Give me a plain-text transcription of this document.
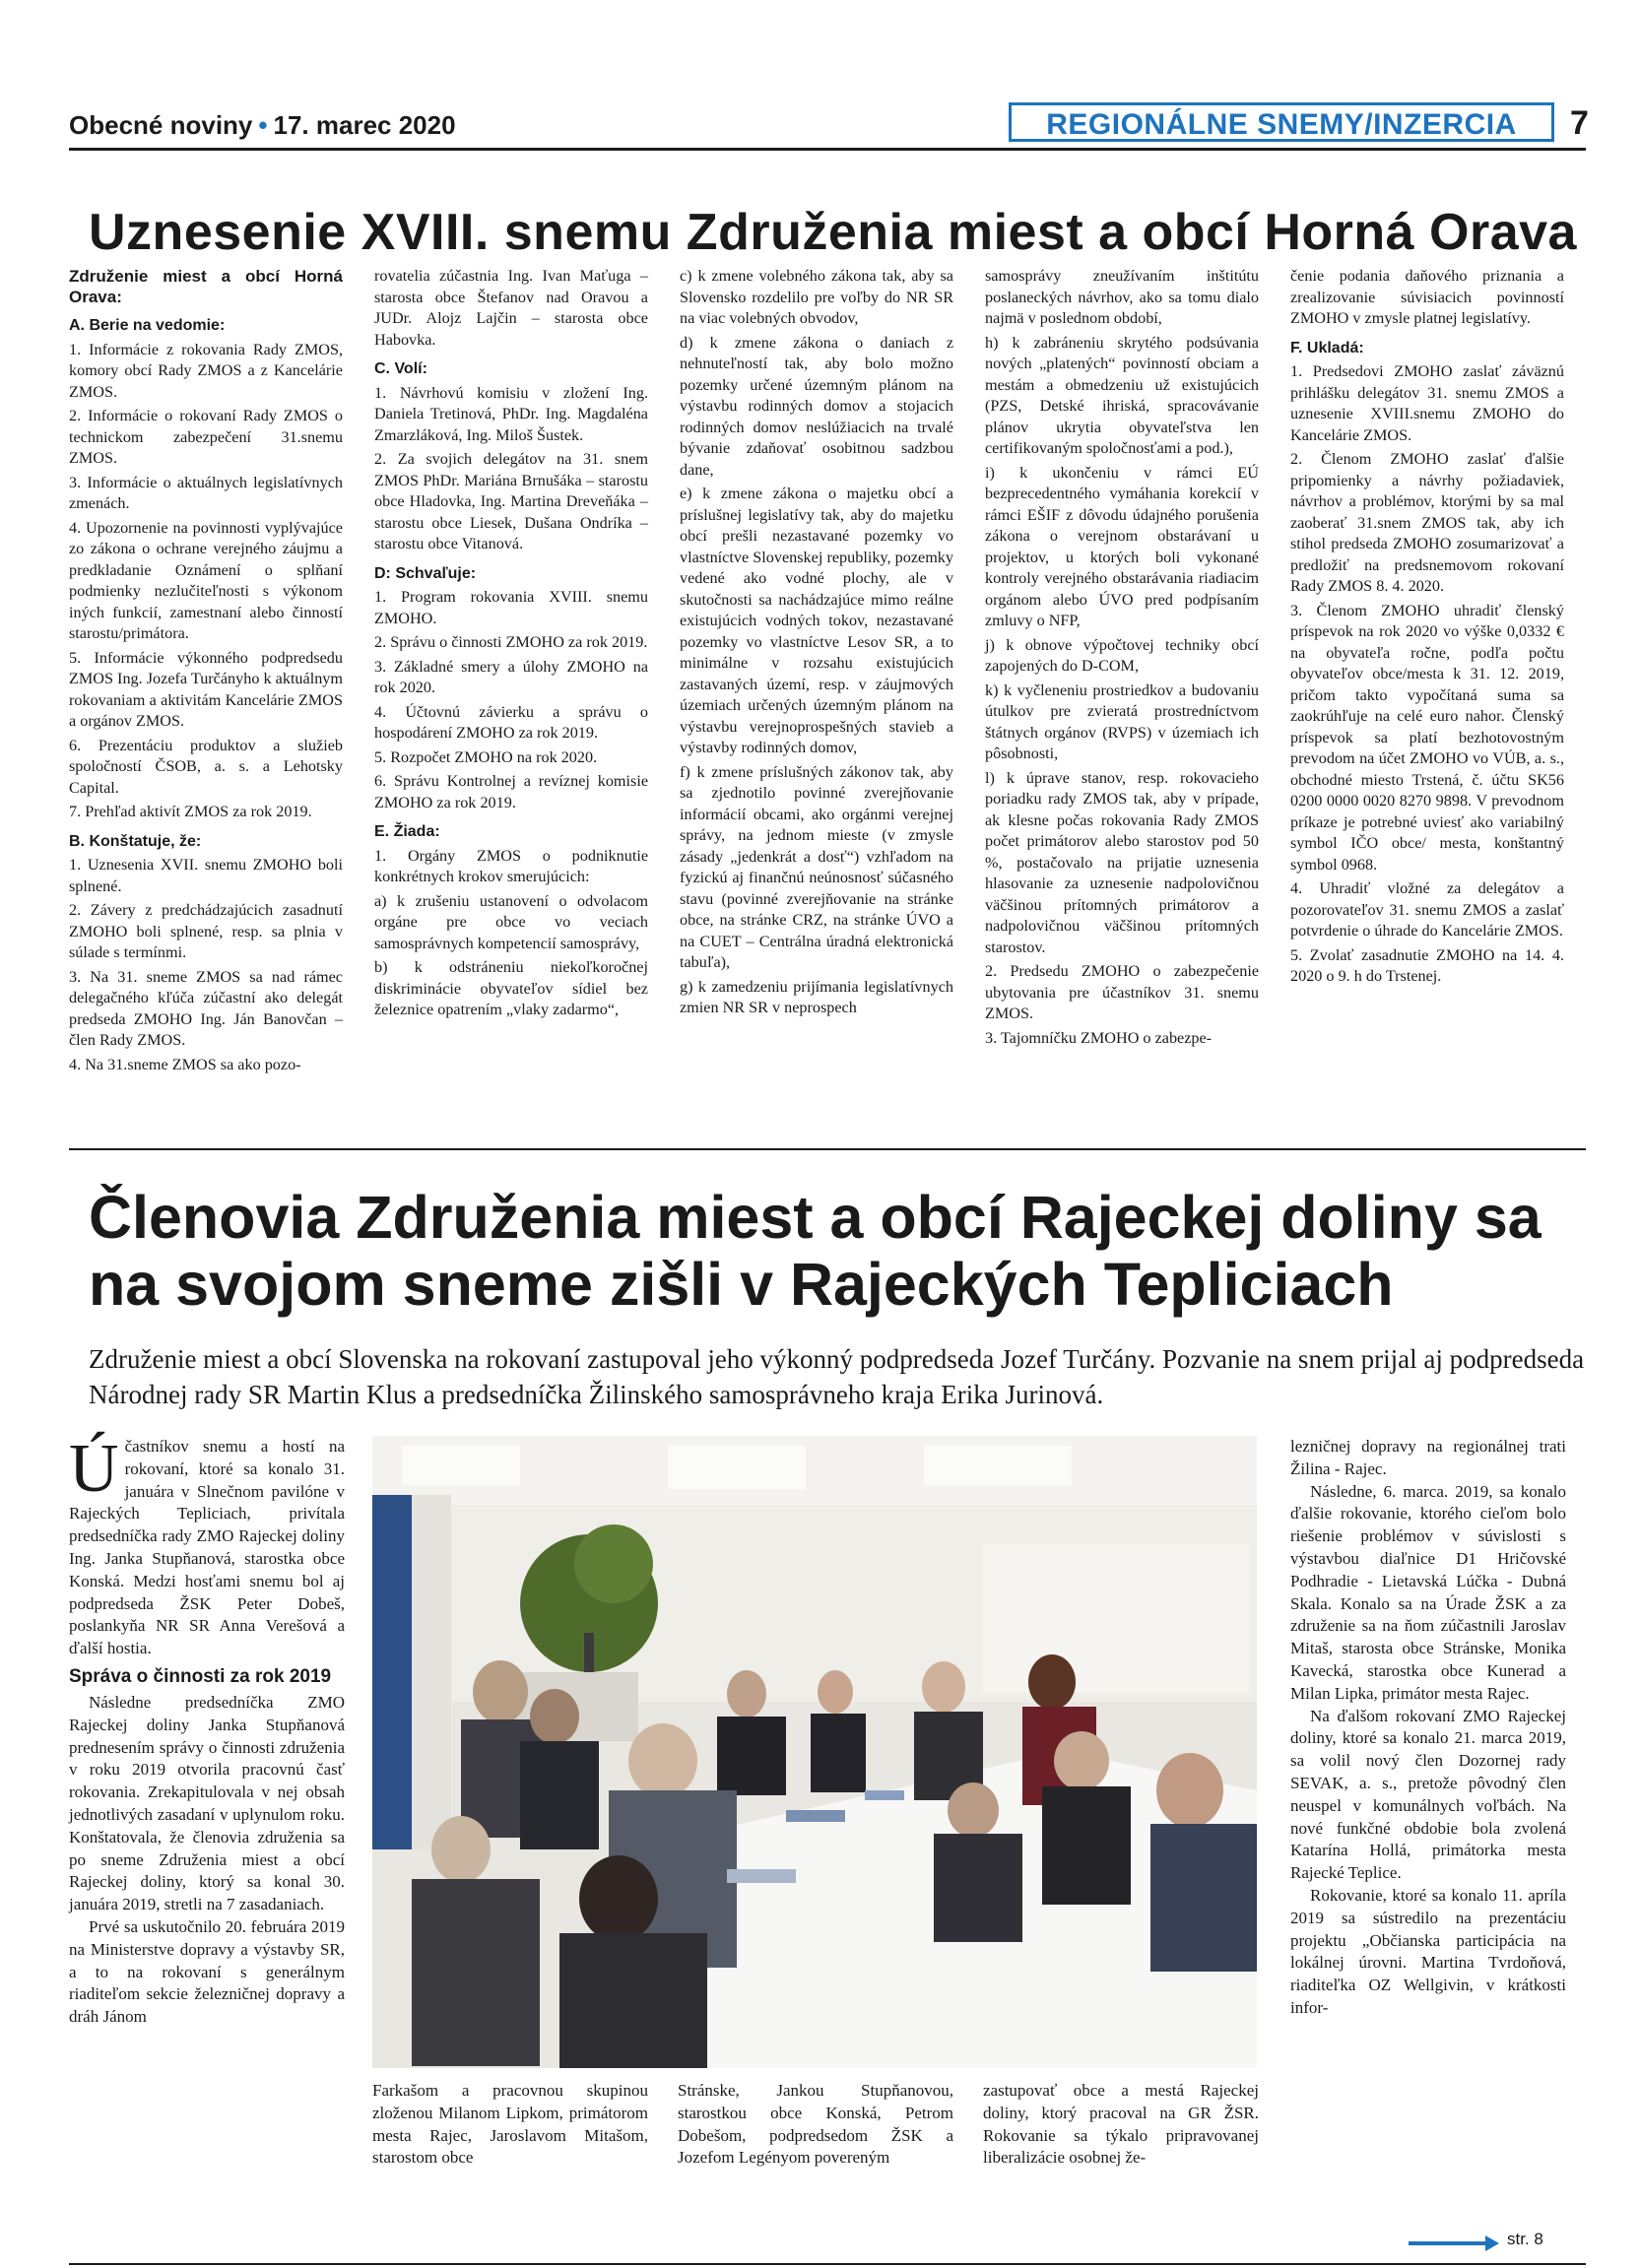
Obecné noviny • 17. marec 2020	REGIONÁLNE SNEMY/INZERCIA	7
Uznesenie XVIII. snemu Združenia miest a obcí Horná Orava

Združenie miest a obcí Horná Orava:

A. Berie na vedomie:

1. Informácie z rokovania Rady ZMOS, komory obcí Rady ZMOS a z Kancelárie ZMOS.

2. Informácie o rokovaní Rady ZMOS o technickom zabezpečení 31.snemu ZMOS.

3. Informácie o aktuálnych legislatívnych zmenách.

4. Upozornenie na povinnosti vyplývajúce zo zákona o ochrane verejného záujmu a predkladanie Oznámení o splňaní podmienky nezlučiteľnosti s výkonom iných funkcií, zamestnaní alebo činností starostu/primátora.

5. Informácie výkonného podpredsedu ZMOS Ing. Jozefa Turčányho k aktuálnym rokovaniam a aktivitám Kancelárie ZMOS a orgánov ZMOS.

6. Prezentáciu produktov a služieb spoločností ČSOB, a. s. a Lehotsky Capital.

7. Prehľad aktivít ZMOS za rok 2019.

B. Konštatuje, že:

1. Uznesenia XVII. snemu ZMOHO boli splnené.

2. Závery z predchádzajúcich zasadnutí ZMOHO boli splnené, resp. sa plnia v súlade s termínmi.

3. Na 31. sneme ZMOS sa nad rámec delegačného kľúča zúčastní ako delegát predseda ZMOHO Ing. Ján Banovčan – člen Rady ZMOS.

4. Na 31.sneme ZMOS sa ako pozo-

rovatelia zúčastnia Ing. Ivan Maťuga – starosta obce Štefanov nad Oravou a JUDr. Alojz Lajčin – starosta obce Habovka.

C. Volí:

1. Návrhovú komisiu v zložení Ing. Daniela Tretinová, PhDr. Ing. Magdaléna Zmarzláková, Ing. Miloš Šustek.

2. Za svojich delegátov na 31. snem ZMOS PhDr. Mariána Brnušáka – starostu obce Hladovka, Ing. Martina Dreveňáka – starostu obce Liesek, Dušana Ondríka – starostu obce Vitanová.

D: Schvaľuje:

1. Program rokovania XVIII. snemu ZMOHO.

2. Správu o činnosti ZMOHO za rok 2019.

3. Základné smery a úlohy ZMOHO na rok 2020.

4. Účtovnú závierku a správu o hospodárení ZMOHO za rok 2019.

5. Rozpočet ZMOHO na rok 2020.

6. Správu Kontrolnej a revíznej komisie ZMOHO za rok 2019.

E. Žiada:

1. Orgány ZMOS o podniknutie konkrétnych krokov smerujúcich:

a) k zrušeniu ustanovení o odvolacom orgáne pre obce vo veciach samosprávnych kompetencií samosprávy,

b) k odstráneniu niekoľkoročnej diskriminácie obyvateľov sídiel bez železnice opatrením „vlaky zadarmo“,

c) k zmene volebného zákona tak, aby sa Slovensko rozdelilo pre voľby do NR SR na viac volebných obvodov,

d) k zmene zákona o daniach z nehnuteľností tak, aby bolo možno pozemky určené územným plánom na výstavbu rodinných domov a stojacich rodinných domov neslúžiacich na trvalé bývanie zdaňovať osobitnou sadzbou dane,

e) k zmene zákona o majetku obcí a príslušnej legislatívy tak, aby do majetku obcí prešli nezastavané pozemky vo vlastníctve Slovenskej republiky, pozemky vedené ako vodné plochy, ale v skutočnosti sa nachádzajúce mimo reálne existujúcich vodných tokov, nezastavané pozemky vo vlastníctve Lesov SR, a to minimálne v rozsahu existujúcich zastavaných území, resp. v záujmových územiach určených územným plánom na výstavbu verejnoprospešných stavieb a výstavby rodinných domov,

f) k zmene príslušných zákonov tak, aby sa zjednotilo povinné zverejňovanie informácií obcami, ako orgánmi verejnej správy, na jednom mieste (v zmysle zásady „jedenkrát a dosť“) vzhľadom na fyzickú aj finančnú neúnosnosť súčasného stavu (povinné zverejňovanie na stránke obce, na stránke CRZ, na stránke ÚVO a na CUET – Centrálna úradná elektronická tabuľa),

g) k zamedzeniu prijímania legislatívnych zmien NR SR v neprospech

samosprávy zneužívaním inštitútu poslaneckých návrhov, ako sa tomu dialo najmä v poslednom období,

h) k zabráneniu skrytého podsúvania nových „platených“ povinností obciam a mestám a obmedzeniu už existujúcich (PZS, Detské ihriská, spracovávanie plánov ukrytia obyvateľstva len certifikovaným spoločnosťami a pod.),

i) k ukončeniu v rámci EÚ bezprecedentného vymáhania korekcií v rámci EŠIF z dôvodu údajného porušenia zákona o verejnom obstarávaní u projektov, u ktorých boli vykonané kontroly verejného obstarávania riadiacim orgánom alebo ÚVO pred podpísaním zmluvy o NFP,

j) k obnove výpočtovej techniky obcí zapojených do D-COM,

k) k vyčleneniu prostriedkov a budovaniu útulkov pre zvieratá prostredníctvom štátnych orgánov (RVPS) v územiach ich pôsobnosti,

l) k úprave stanov, resp. rokovacieho poriadku rady ZMOS tak, aby v prípade, ak klesne počas rokovania Rady ZMOS počet primátorov alebo starostov pod 50 %, postačovalo na prijatie uznesenia hlasovanie za uznesenie nadpolovičnou väčšinou prítomných primátorov a nadpolovičnou väčšinou prítomných starostov.

2. Predsedu ZMOHO o zabezpečenie ubytovania pre účastníkov 31. snemu ZMOS.

3. Tajomníčku ZMOHO o zabezpe-

čenie podania daňového priznania a zrealizovanie súvisiacich povinností ZMOHO v zmysle platnej legislatívy.

F. Ukladá:

1. Predsedovi ZMOHO zaslať záväznú prihlášku delegátov 31. snemu ZMOS a uznesenie XVIII.snemu ZMOHO do Kancelárie ZMOS.

2. Členom ZMOHO zaslať ďalšie pripomienky a návrhy požiadaviek, návrhov a problémov, ktorými by sa mal zaoberať 31.snem ZMOS tak, aby ich stihol predseda ZMOHO zosumarizovať a predložiť na predsnemovom rokovaní Rady ZMOS 8. 4. 2020.

3. Členom ZMOHO uhradiť členský príspevok na rok 2020 vo výške 0,0332 € na obyvateľa ročne, podľa počtu obyvateľov obce/mesta k 31. 12. 2019, pričom takto vypočítaná suma sa zaokrúhľuje na celé euro nahor. Členský príspevok sa platí bezhotovostným prevodom na účet ZMOHO vo VÚB, a. s., obchodné miesto Trstená, č. účtu SK56 0200 0000 0020 8270 9898. V prevodnom príkaze je potrebné uviesť ako variabilný symbol IČO obce/ mesta, konštantný symbol 0968.

4. Uhradiť vložné za delegátov a pozorovateľov 31. snemu ZMOS a zaslať potvrdenie o úhrade do Kancelárie ZMOS.

5. Zvolať zasadnutie ZMOHO na 14. 4. 2020 o 9. h do Trstenej.

Členovia Združenia miest a obcí Rajeckej doliny sa na svojom sneme zišli v Rajeckých Tepliciach
Združenie miest a obcí Slovenska na rokovaní zastupoval jeho výkonný podpredseda Jozef Turčány. Pozvanie na snem prijal aj podpredseda Národnej rady SR Martin Klus a predsedníčka Žilinského samosprávneho kraja Erika Jurinová.

Účastníkov snemu a hostí na rokovaní, ktoré sa konalo 31. januára v Slnečnom pavilóne v Rajeckých Tepliciach, privítala predsedníčka rady ZMO Rajeckej doliny Ing. Janka Stupňanová, starostka obce Konská. Medzi hosťami snemu bol aj podpredseda ŽSK Peter Dobeš, poslankyňa NR SR Anna Verešová a ďalší hostia.

Správa o činnosti za rok 2019

Následne predsedníčka ZMO Rajeckej doliny Janka Stupňanová prednesením správy o činnosti združenia v roku 2019 otvorila pracovnú časť rokovania. Zrekapitulovala v nej obsah jednotlivých zasadaní v uplynulom roku. Konštatovala, že členovia združenia sa po sneme Združenia miest a obcí Rajeckej doliny, ktorý sa konal 30. januára 2019, stretli na 7 zasadaniach.

Prvé sa uskutočnilo 20. februára 2019 na Ministerstve dopravy a výstavby SR, a to na rokovaní s generálnym riaditeľom sekcie železničnej dopravy a dráh Jánom

Farkašom a pracovnou skupinou zloženou Milanom Lipkom, primátorom mesta Rajec, Jaroslavom Mitašom, starostom obce
Stránske, Jankou Stupňanovou, starostkou obce Konská, Petrom Dobešom, podpredsedom ŽSK a Jozefom Legényom povereným
zastupovať obce a mestá Rajeckej doliny, ktorý pracoval na GR ŽSR. Rokovanie sa týkalo pripravovanej liberalizácie osobnej že-

lezničnej dopravy na regionálnej trati Žilina - Rajec.

Následne, 6. marca. 2019, sa konalo ďalšie rokovanie, ktorého cieľom bolo riešenie problémov v súvislosti s výstavbou diaľnice D1 Hričovské Podhradie - Lietavská Lúčka - Dubná Skala. Konalo sa na Úrade ŽSK a za združenie sa na ňom zúčastnili Jaroslav Mitaš, starosta obce Stránske, Monika Kavecká, starostka obce Kunerad a Milan Lipka, primátor mesta Rajec.

Na ďalšom rokovaní ZMO Rajeckej doliny, ktoré sa konalo 21. marca 2019, sa volil nový člen Dozornej rady SEVAK, a. s., pretože pôvodný člen neuspel v komunálnych voľbách. Na nové funkčné obdobie bola zvolená Katarína Hollá, primátorka mesta Rajecké Teplice.

Rokovanie, ktoré sa konalo 11. apríla 2019 sa sústredilo na prezentáciu projektu „Občianska participácia na lokálnej úrovni. Martina Tvrdoňová, riaditeľka OZ Wellgivin, v krátkosti infor-

str. 8
